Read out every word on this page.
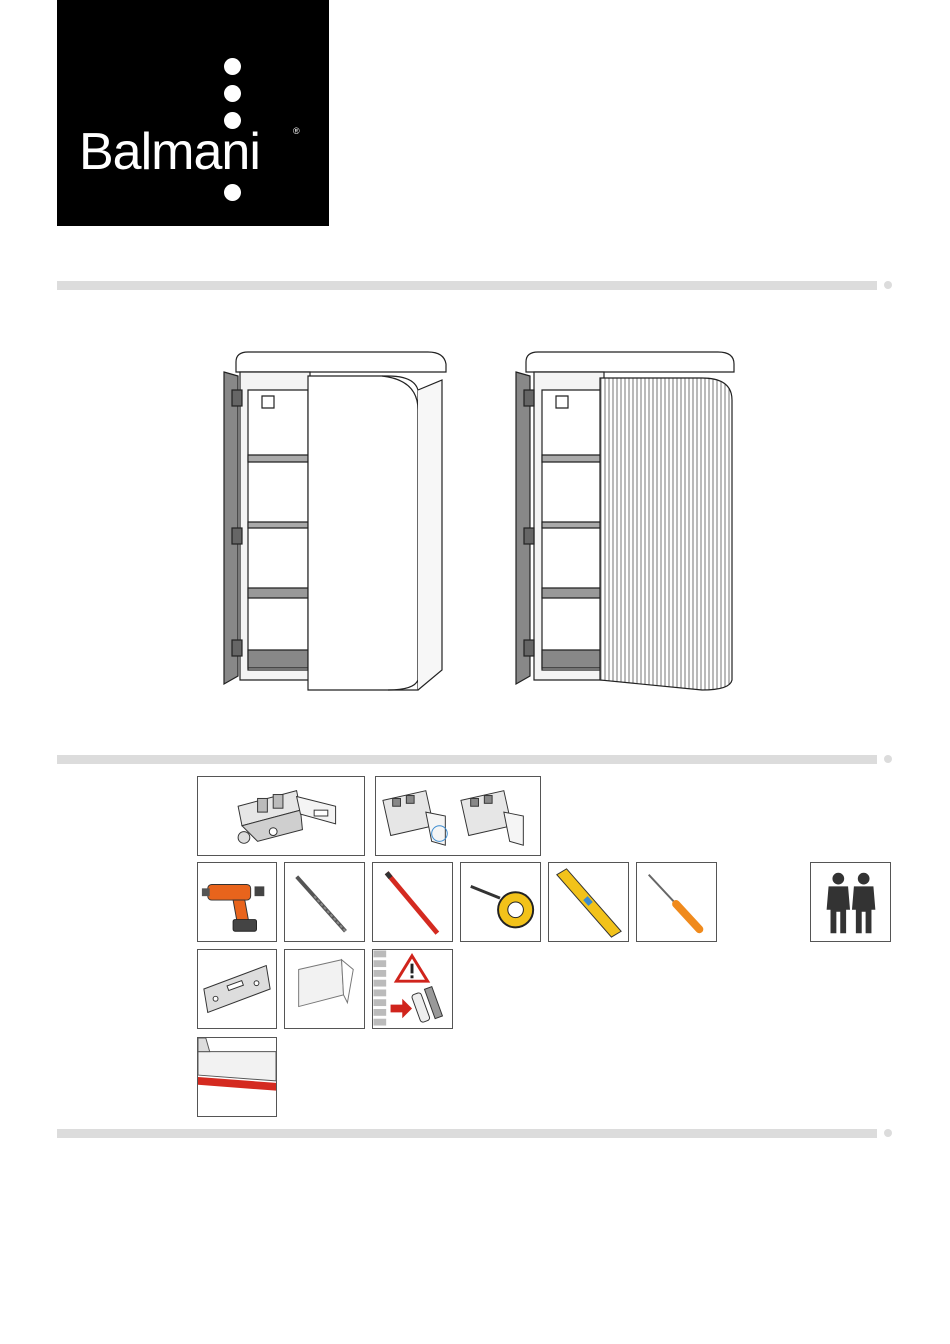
Balmani	®
